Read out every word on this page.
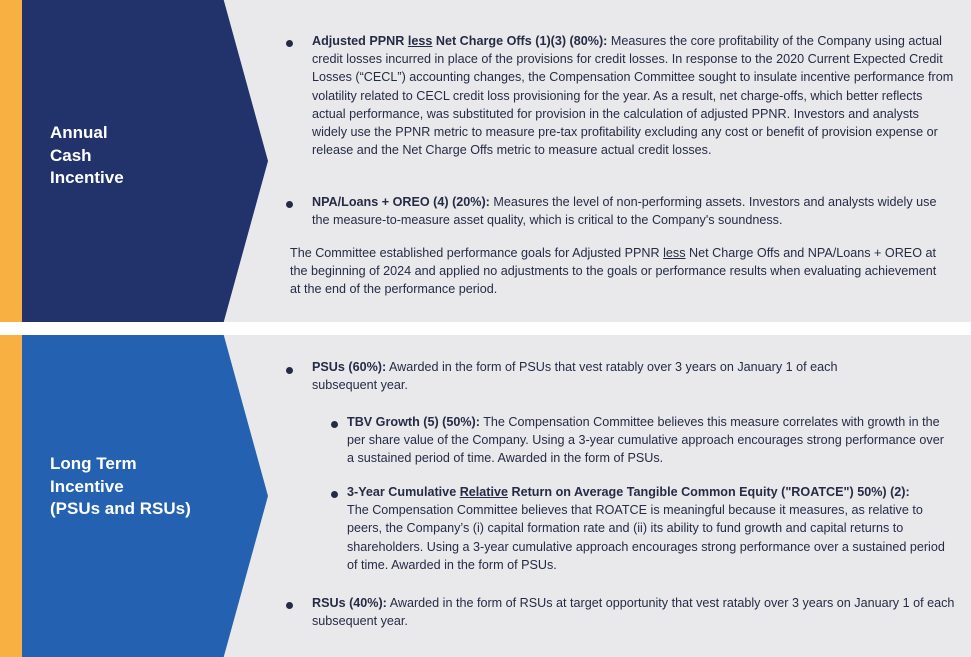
Annual
Cash
Incentive
Adjusted PPNR less Net Charge Offs (1)(3) (80%): Measures the core profitability of the Company using actual credit losses incurred in place of the provisions for credit losses. In response to the 2020 Current Expected Credit Losses (“CECL”) accounting changes, the Compensation Committee sought to insulate incentive performance from volatility related to CECL credit loss provisioning for the year. As a result, net charge-offs, which better reflects actual performance, was substituted for provision in the calculation of adjusted PPNR. Investors and analysts widely use the PPNR metric to measure pre-tax profitability excluding any cost or benefit of provision expense or release and the Net Charge Offs metric to measure actual credit losses.
NPA/Loans + OREO (4) (20%): Measures the level of non-performing assets. Investors and analysts widely use the measure-to-measure asset quality, which is critical to the Company's soundness.
The Committee established performance goals for Adjusted PPNR less Net Charge Offs and NPA/Loans + OREO at the beginning of 2024 and applied no adjustments to the goals or performance results when evaluating achievement at the end of the performance period.
Long Term
Incentive
(PSUs and RSUs)
PSUs (60%): Awarded in the form of PSUs that vest ratably over 3 years on January 1 of each subsequent year.
TBV Growth (5) (50%): The Compensation Committee believes this measure correlates with growth in the per share value of the Company. Using a 3-year cumulative approach encourages strong performance over a sustained period of time. Awarded in the form of PSUs.
3-Year Cumulative Relative Return on Average Tangible Common Equity ("ROATCE") 50%) (2):
The Compensation Committee believes that ROATCE is meaningful because it measures, as relative to peers, the Company’s (i) capital formation rate and (ii) its ability to fund growth and capital returns to shareholders. Using a 3-year cumulative approach encourages strong performance over a sustained period of time. Awarded in the form of PSUs.
RSUs (40%): Awarded in the form of RSUs at target opportunity that vest ratably over 3 years on January 1 of each subsequent year.
